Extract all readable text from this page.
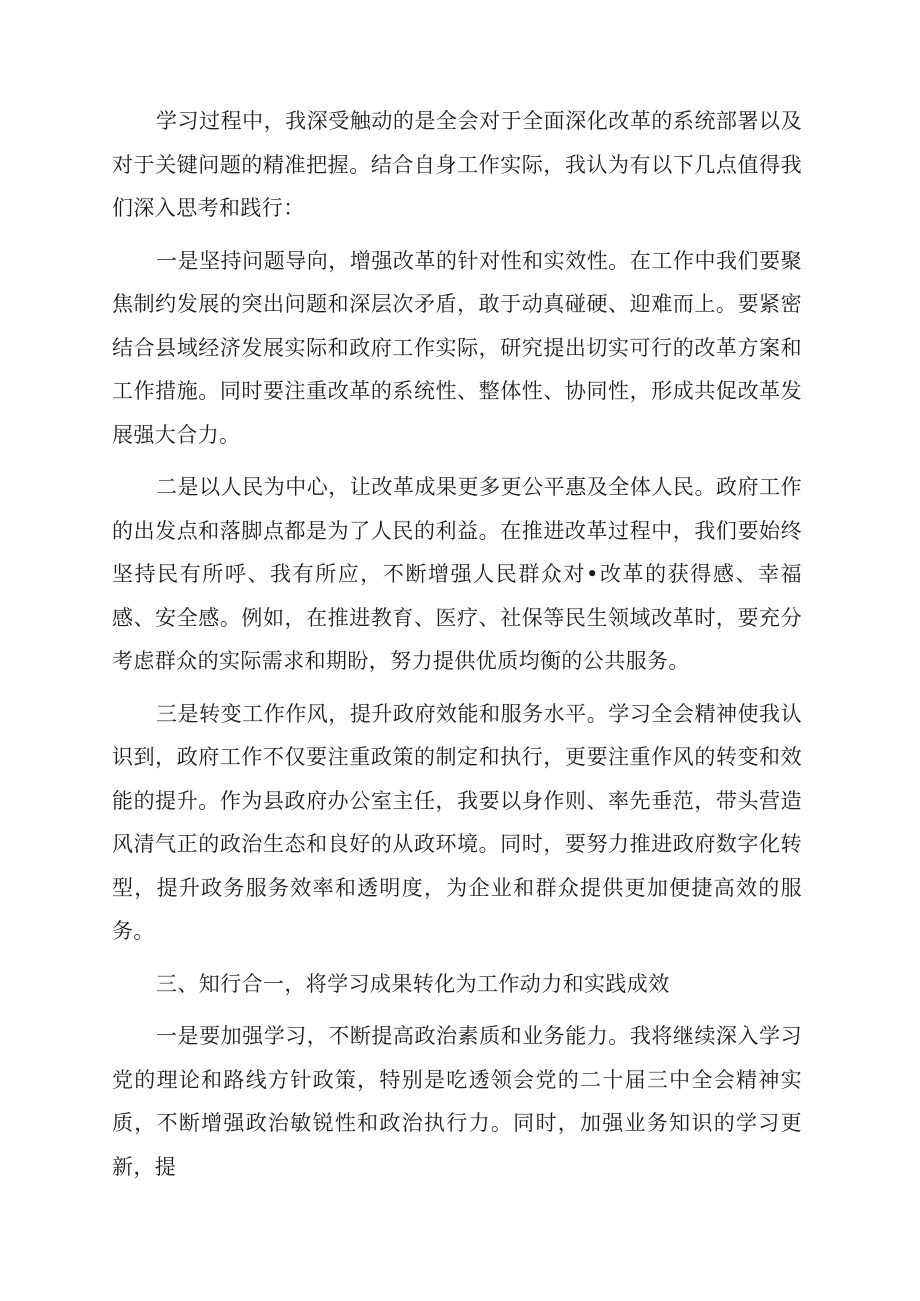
学习过程中，我深受触动的是全会对于全面深化改革的系统部署以及对于关键问题的精准把握。结合自身工作实际，我认为有以下几点值得我们深入思考和践行：

一是坚持问题导向，增强改革的针对性和实效性。在工作中我们要聚焦制约发展的突出问题和深层次矛盾，敢于动真碰硬、迎难而上。要紧密结合县域经济发展实际和政府工作实际，研究提出切实可行的改革方案和工作措施。同时要注重改革的系统性、整体性、协同性，形成共促改革发展强大合力。

二是以人民为中心，让改革成果更多更公平惠及全体人民。政府工作的出发点和落脚点都是为了人民的利益。在推进改革过程中，我们要始终坚持民有所呼、我有所应，不断增强人民群众对•改革的获得感、幸福感、安全感。例如，在推进教育、医疗、社保等民生领域改革时，要充分考虑群众的实际需求和期盼，努力提供优质均衡的公共服务。

三是转变工作作风，提升政府效能和服务水平。学习全会精神使我认识到，政府工作不仅要注重政策的制定和执行，更要注重作风的转变和效能的提升。作为县政府办公室主任，我要以身作则、率先垂范，带头营造风清气正的政治生态和良好的从政环境。同时，要努力推进政府数字化转型，提升政务服务效率和透明度，为企业和群众提供更加便捷高效的服务。

三、知行合一，将学习成果转化为工作动力和实践成效

一是要加强学习，不断提高政治素质和业务能力。我将继续深入学习党的理论和路线方针政策，特别是吃透领会党的二十届三中全会精神实质，不断增强政治敏锐性和政治执行力。同时，加强业务知识的学习更新，提
